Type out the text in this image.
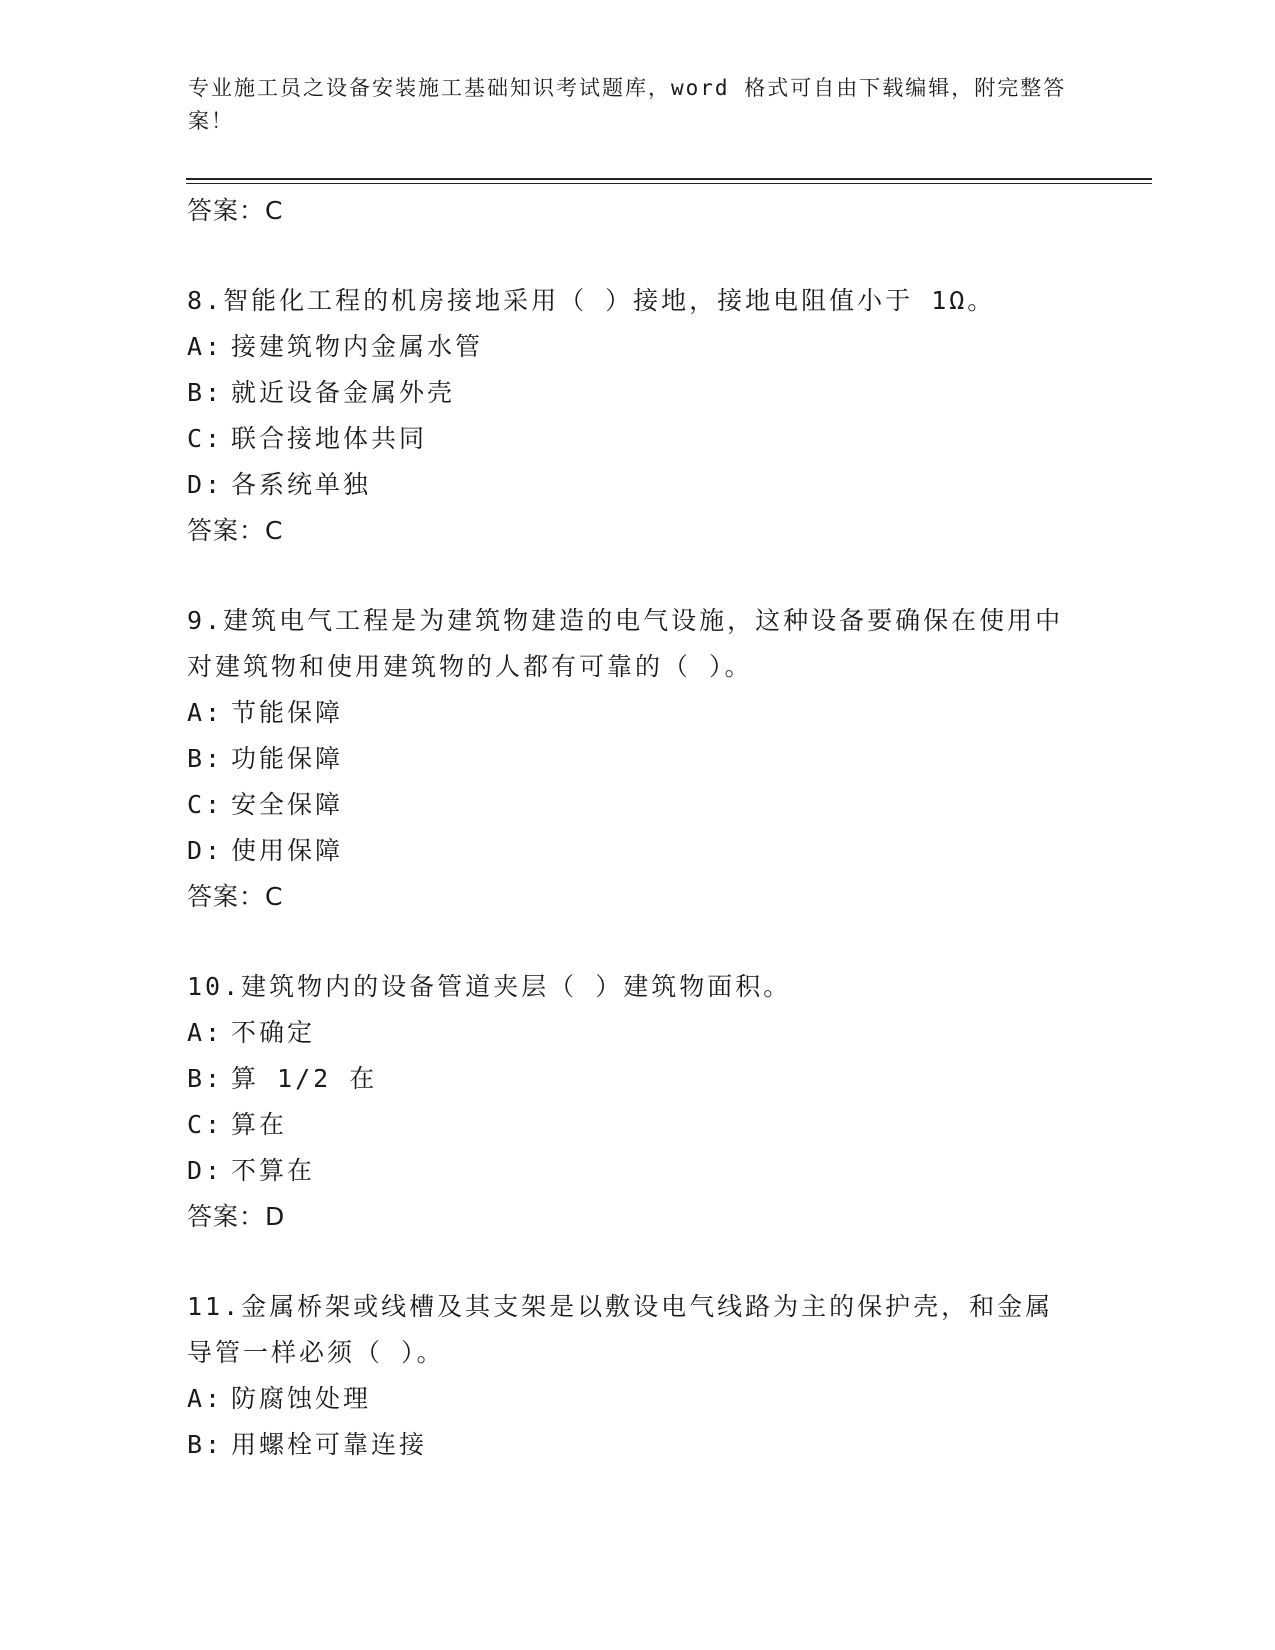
专业施工员之设备安装施工基础知识考试题库，word 格式可自由下载编辑，附完整答案！
答案：C
8.智能化工程的机房接地采用（ ）接地，接地电阻值小于 1Ω。
A: 接建筑物内金属水管
B: 就近设备金属外壳
C: 联合接地体共同
D: 各系统单独
答案：C
9.建筑电气工程是为建筑物建造的电气设施，这种设备要确保在使用中对建筑物和使用建筑物的人都有可靠的（ ）。
A: 节能保障
B: 功能保障
C: 安全保障
D: 使用保障
答案：C
10.建筑物内的设备管道夹层（ ）建筑物面积。
A: 不确定
B: 算 1/2 在
C: 算在
D: 不算在
答案：D
11.金属桥架或线槽及其支架是以敷设电气线路为主的保护壳，和金属导管一样必须（ ）。
A: 防腐蚀处理
B: 用螺栓可靠连接
